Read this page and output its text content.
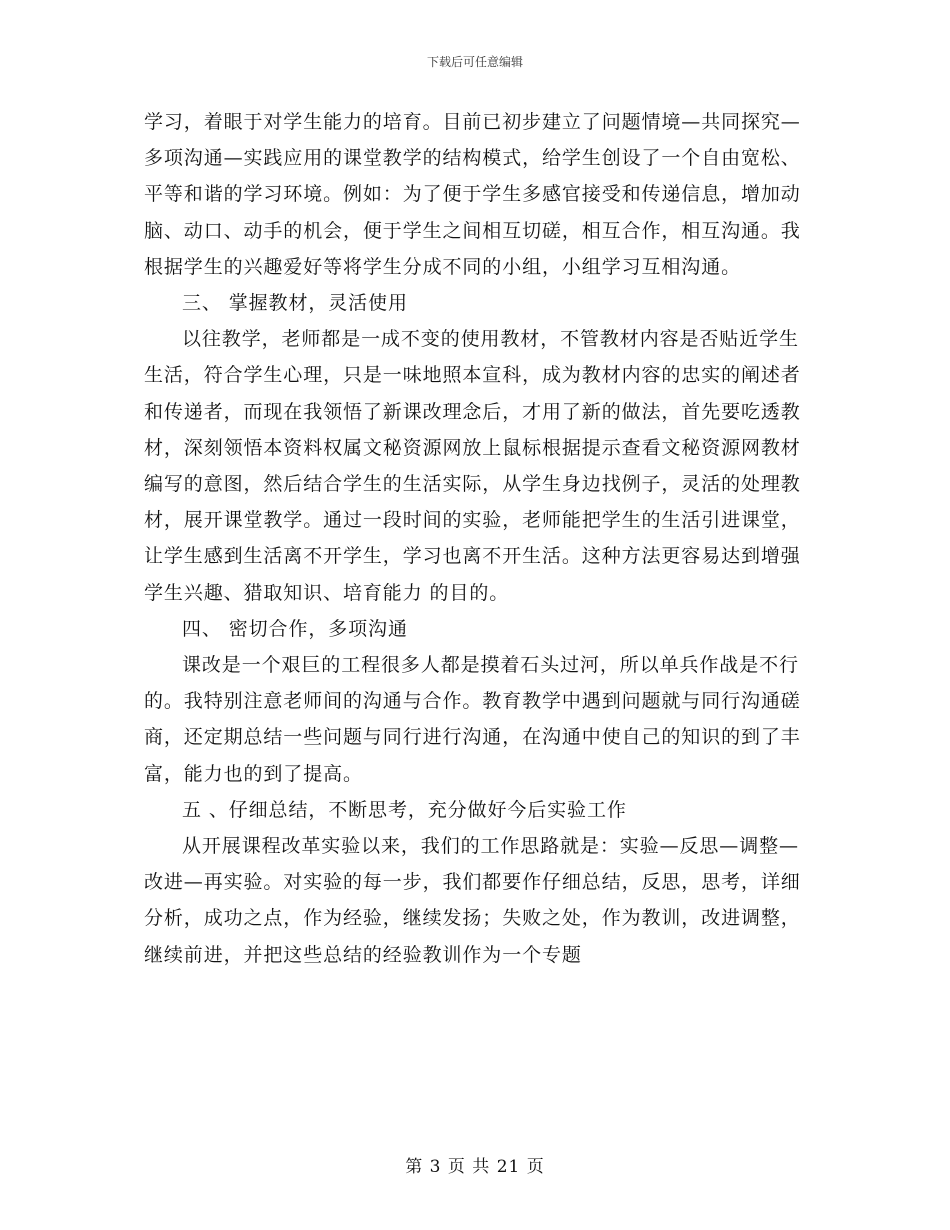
下载后可任意编辑

学习，着眼于对学生能力的培育。目前已初步建立了问题情境—共同探究—多项沟通—实践应用的课堂教学的结构模式，给学生创设了一个自由宽松、平等和谐的学习环境。例如：为了便于学生多感官接受和传递信息，增加动脑、动口、动手的机会，便于学生之间相互切磋，相互合作，相互沟通。我根据学生的兴趣爱好等将学生分成不同的小组，小组学习互相沟通。

三、 掌握教材，灵活使用

以往教学，老师都是一成不变的使用教材，不管教材内容是否贴近学生生活，符合学生心理，只是一味地照本宣科，成为教材内容的忠实的阐述者和传递者，而现在我领悟了新课改理念后，才用了新的做法，首先要吃透教材，深刻领悟本资料权属文秘资源网放上鼠标根据提示查看文秘资源网教材编写的意图，然后结合学生的生活实际，从学生身边找例子，灵活的处理教材，展开课堂教学。通过一段时间的实验，老师能把学生的生活引进课堂，让学生感到生活离不开学生，学习也离不开生活。这种方法更容易达到增强学生兴趣、猎取知识、培育能力 的目的。

四、 密切合作，多项沟通

课改是一个艰巨的工程很多人都是摸着石头过河，所以单兵作战是不行的。我特别注意老师间的沟通与合作。教育教学中遇到问题就与同行沟通磋商，还定期总结一些问题与同行进行沟通，在沟通中使自己的知识的到了丰富，能力也的到了提高。

五 、仔细总结，不断思考，充分做好今后实验工作

从开展课程改革实验以来，我们的工作思路就是：实验—反思—调整—改进—再实验。对实验的每一步，我们都要作仔细总结，反思，思考，详细分析，成功之点，作为经验，继续发扬；失败之处，作为教训，改进调整，继续前进，并把这些总结的经验教训作为一个专题

第 3 页 共 21 页
